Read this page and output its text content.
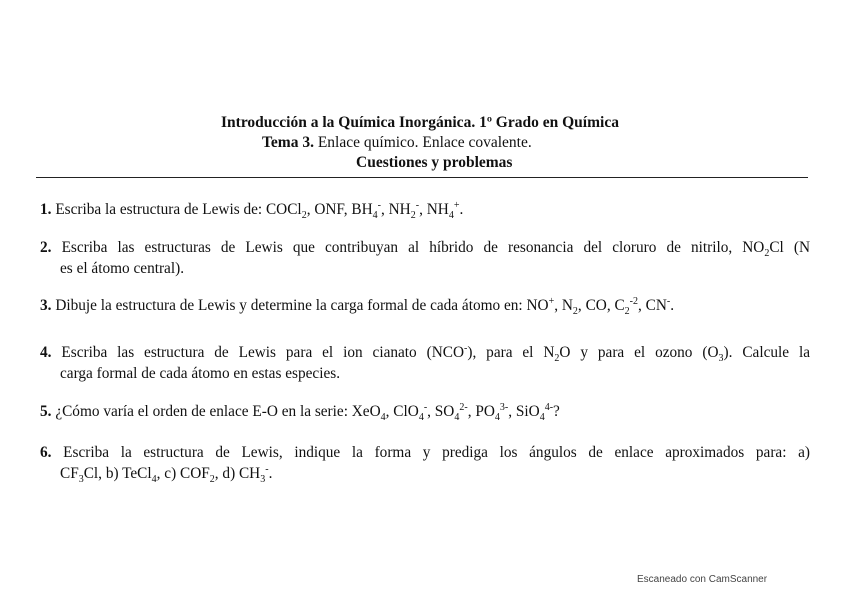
Introducción a la Química Inorgánica. 1º Grado en Química
Tema 3. Enlace químico. Enlace covalente.
Cuestiones y problemas
1. Escriba la estructura de Lewis de: COCl$_2$, ONF, $BH_4^-$, $NH_2^-$, $NH_4^+$.
2. Escriba las estructuras de Lewis que contribuyan al híbrido de resonancia del cloruro de nitrilo, $NO_2Cl$ (N
es el átomo central).
3. Dibuje la estructura de Lewis y determine la carga formal de cada átomo en: NO+, $N_2$, CO, $C_2^{-2}$, CN-.
4. Escriba las estructura de Lewis para el ion cianato (NCO-), para el $N_2O$ y para el ozono $(O_3)$. Calcule la
carga formal de cada átomo en estas especies.
5. ¿Cómo varía el orden de enlace E-O en la serie: XeO$_4$, ClO$_4$-, $SO_4^{2-}$, $PO_4^{3-}$, SiO$_4^{4-}$?
6. Escriba la estructura de Lewis, indique la forma y prediga los ángulos de enlace aproximados para: a)
$CF_3Cl$, b) TeCl$_4$, c) $COF_2$, d) $CH_3^-$.
Escaneado con CamScanner
